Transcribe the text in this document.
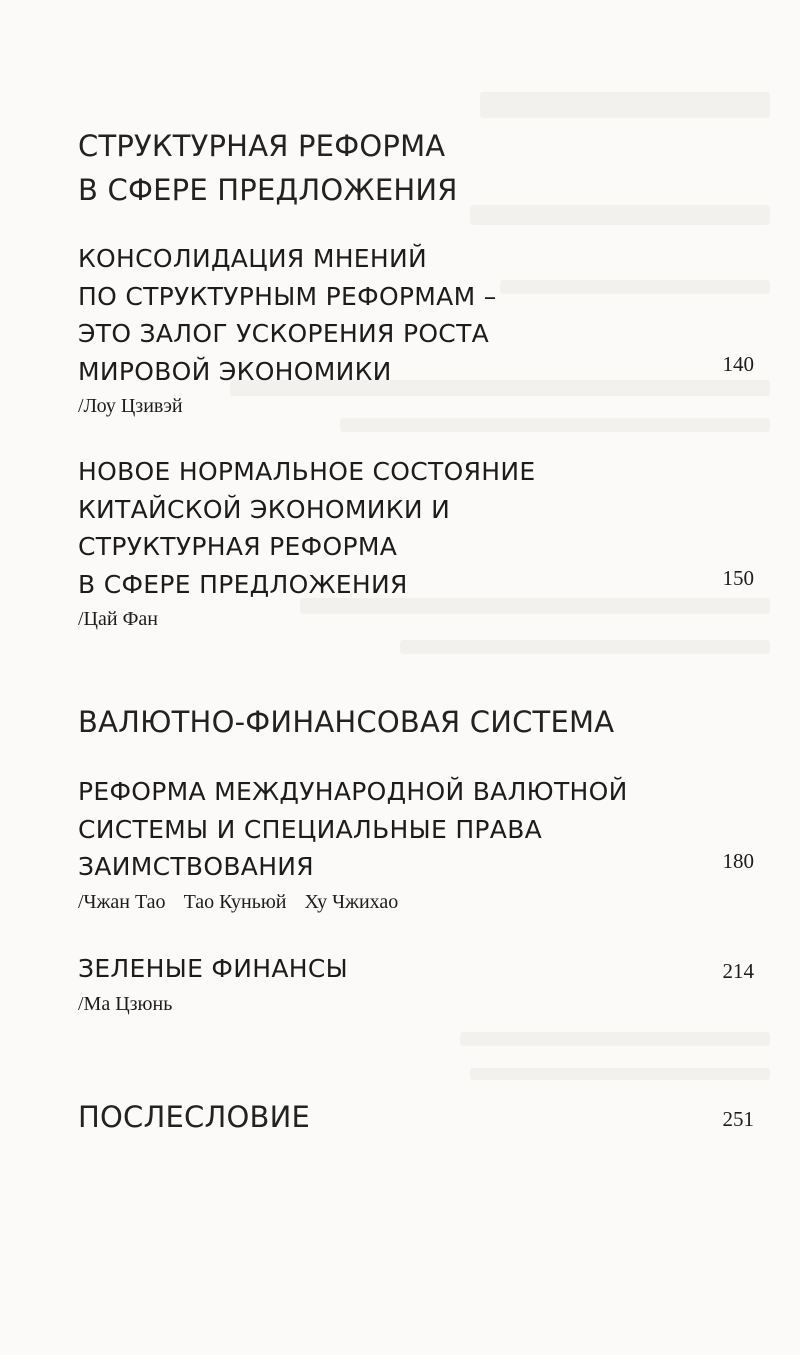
СТРУКТУРНАЯ РЕФОРМА
В СФЕРЕ ПРЕДЛОЖЕНИЯ
КОНСОЛИДАЦИЯ МНЕНИЙ
ПО СТРУКТУРНЫМ РЕФОРМАМ –
ЭТО ЗАЛОГ УСКОРЕНИЯ РОСТА
МИРОВОЙ ЭКОНОМИКИ
/Лоу Цзивэй
140
НОВОЕ НОРМАЛЬНОЕ СОСТОЯНИЕ
КИТАЙСКОЙ ЭКОНОМИКИ И
СТРУКТУРНАЯ РЕФОРМА
В СФЕРЕ ПРЕДЛОЖЕНИЯ
/Цай Фан
150
ВАЛЮТНО-ФИНАНСОВАЯ СИСТЕМА
РЕФОРМА МЕЖДУНАРОДНОЙ ВАЛЮТНОЙ
СИСТЕМЫ И СПЕЦИАЛЬНЫЕ ПРАВА
ЗАИМСТВОВАНИЯ
/Чжан Тао Тао Куньюй Ху Чжихао
180
ЗЕЛЕНЫЕ ФИНАНСЫ
/Ма Цзюнь
214
ПОСЛЕСЛОВИЕ	251
